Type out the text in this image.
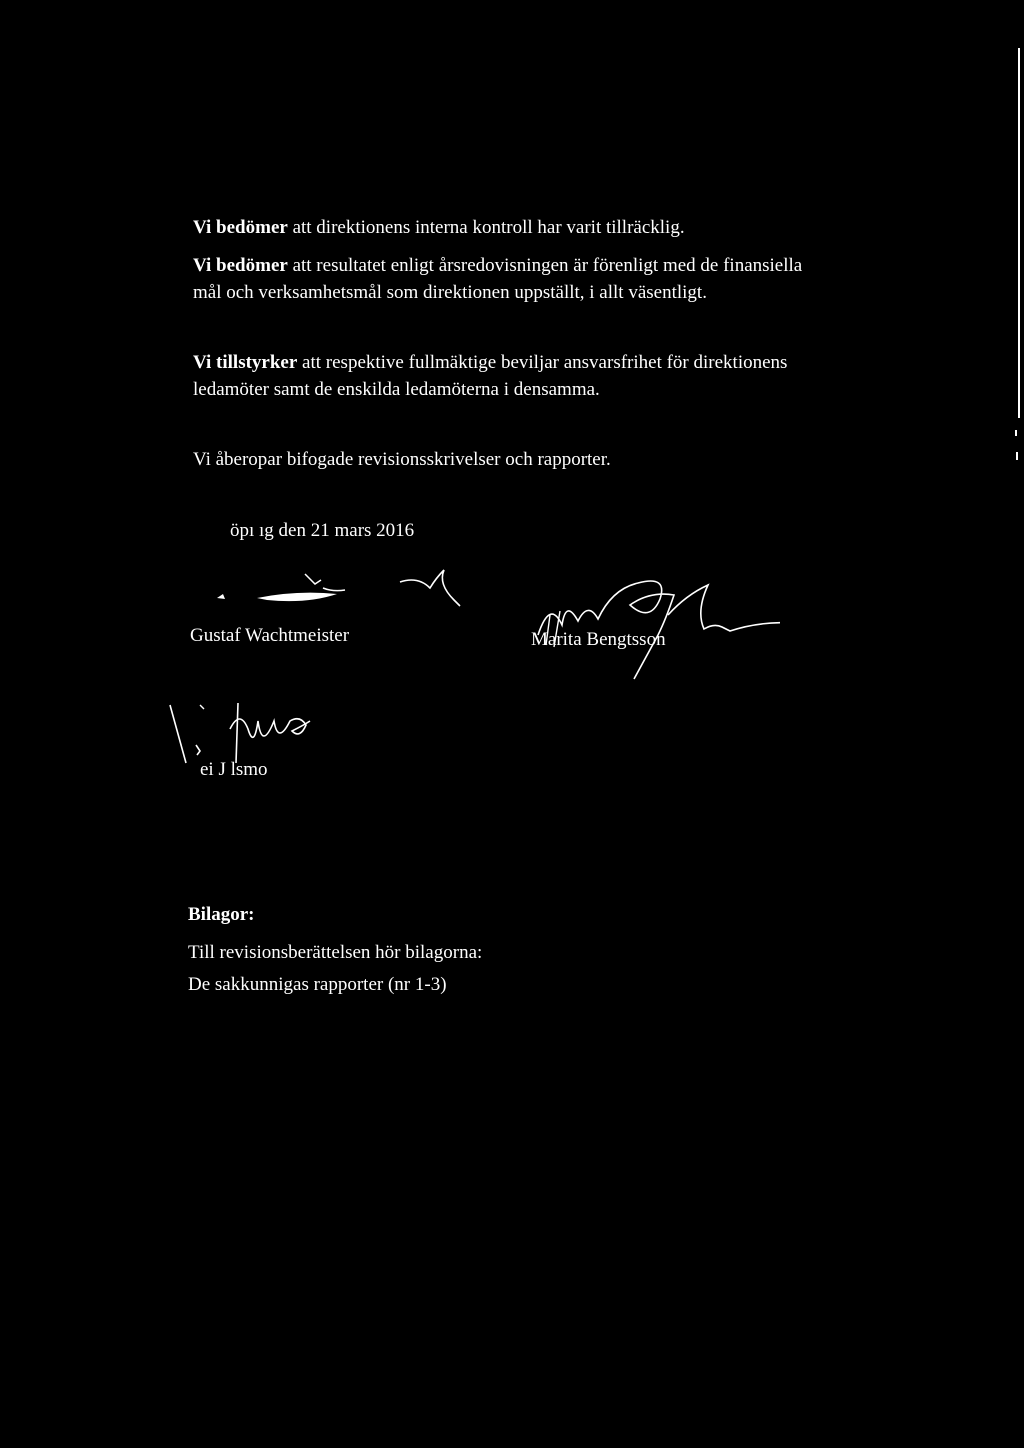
Vi bedömer att direktionens interna kontroll har varit tillräcklig.
Vi bedömer att resultatet enligt årsredovisningen är förenligt med de finansiella
mål och verksamhetsmål som direktionen uppställt, i allt väsentligt.
Vi tillstyrker att respektive fullmäktige beviljar ansvarsfrihet för direktionens
ledamöter samt de enskilda ledamöterna i densamma.
Vi åberopar bifogade revisionsskrivelser och rapporter.
öpı ıg den 21 mars 2016
Gustaf Wachtmeister	Marita Bengtsson
ei J lsmo
Bilagor:
Till revisionsberättelsen hör bilagorna:
De sakkunnigas rapporter (nr 1-3)
